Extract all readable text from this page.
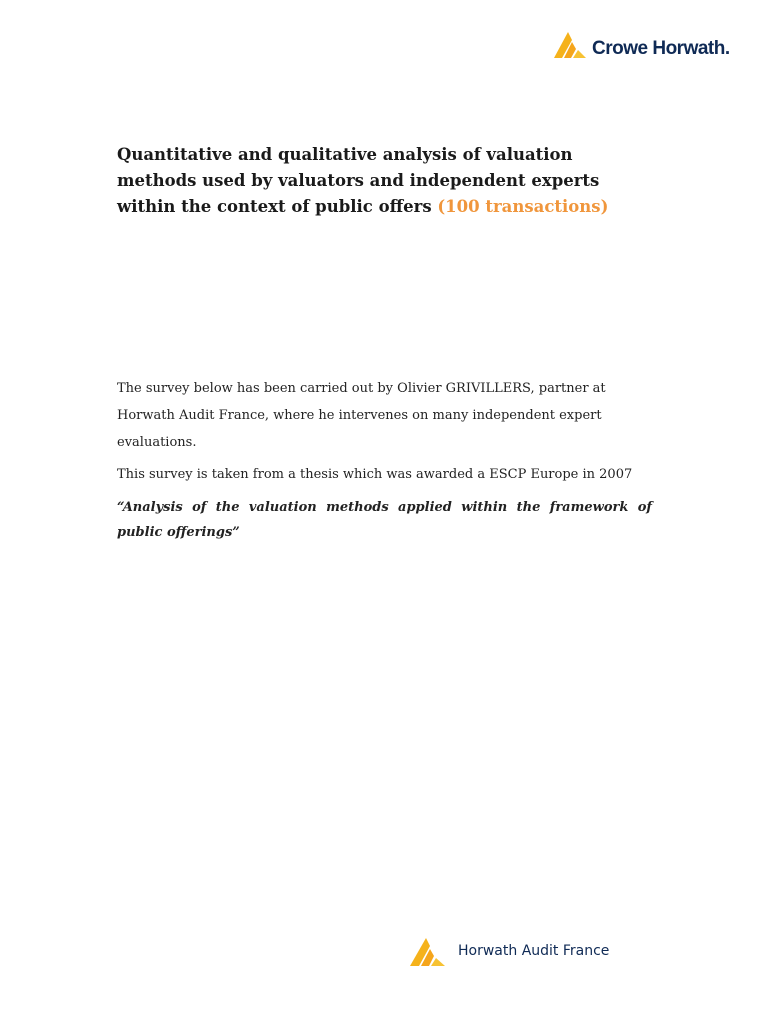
Crowe Horwath.
Quantitative and qualitative analysis of valuation methods used by valuators and independent experts within the context of public offers (100 transactions)

The survey below has been carried out by Olivier GRIVILLERS, partner at Horwath Audit France, where he intervenes on many independent expert evaluations.

This survey is taken from a thesis which was awarded a ESCP Europe in 2007

“Analysis of the valuation methods applied within the framework of public offerings”

Horwath Audit France
